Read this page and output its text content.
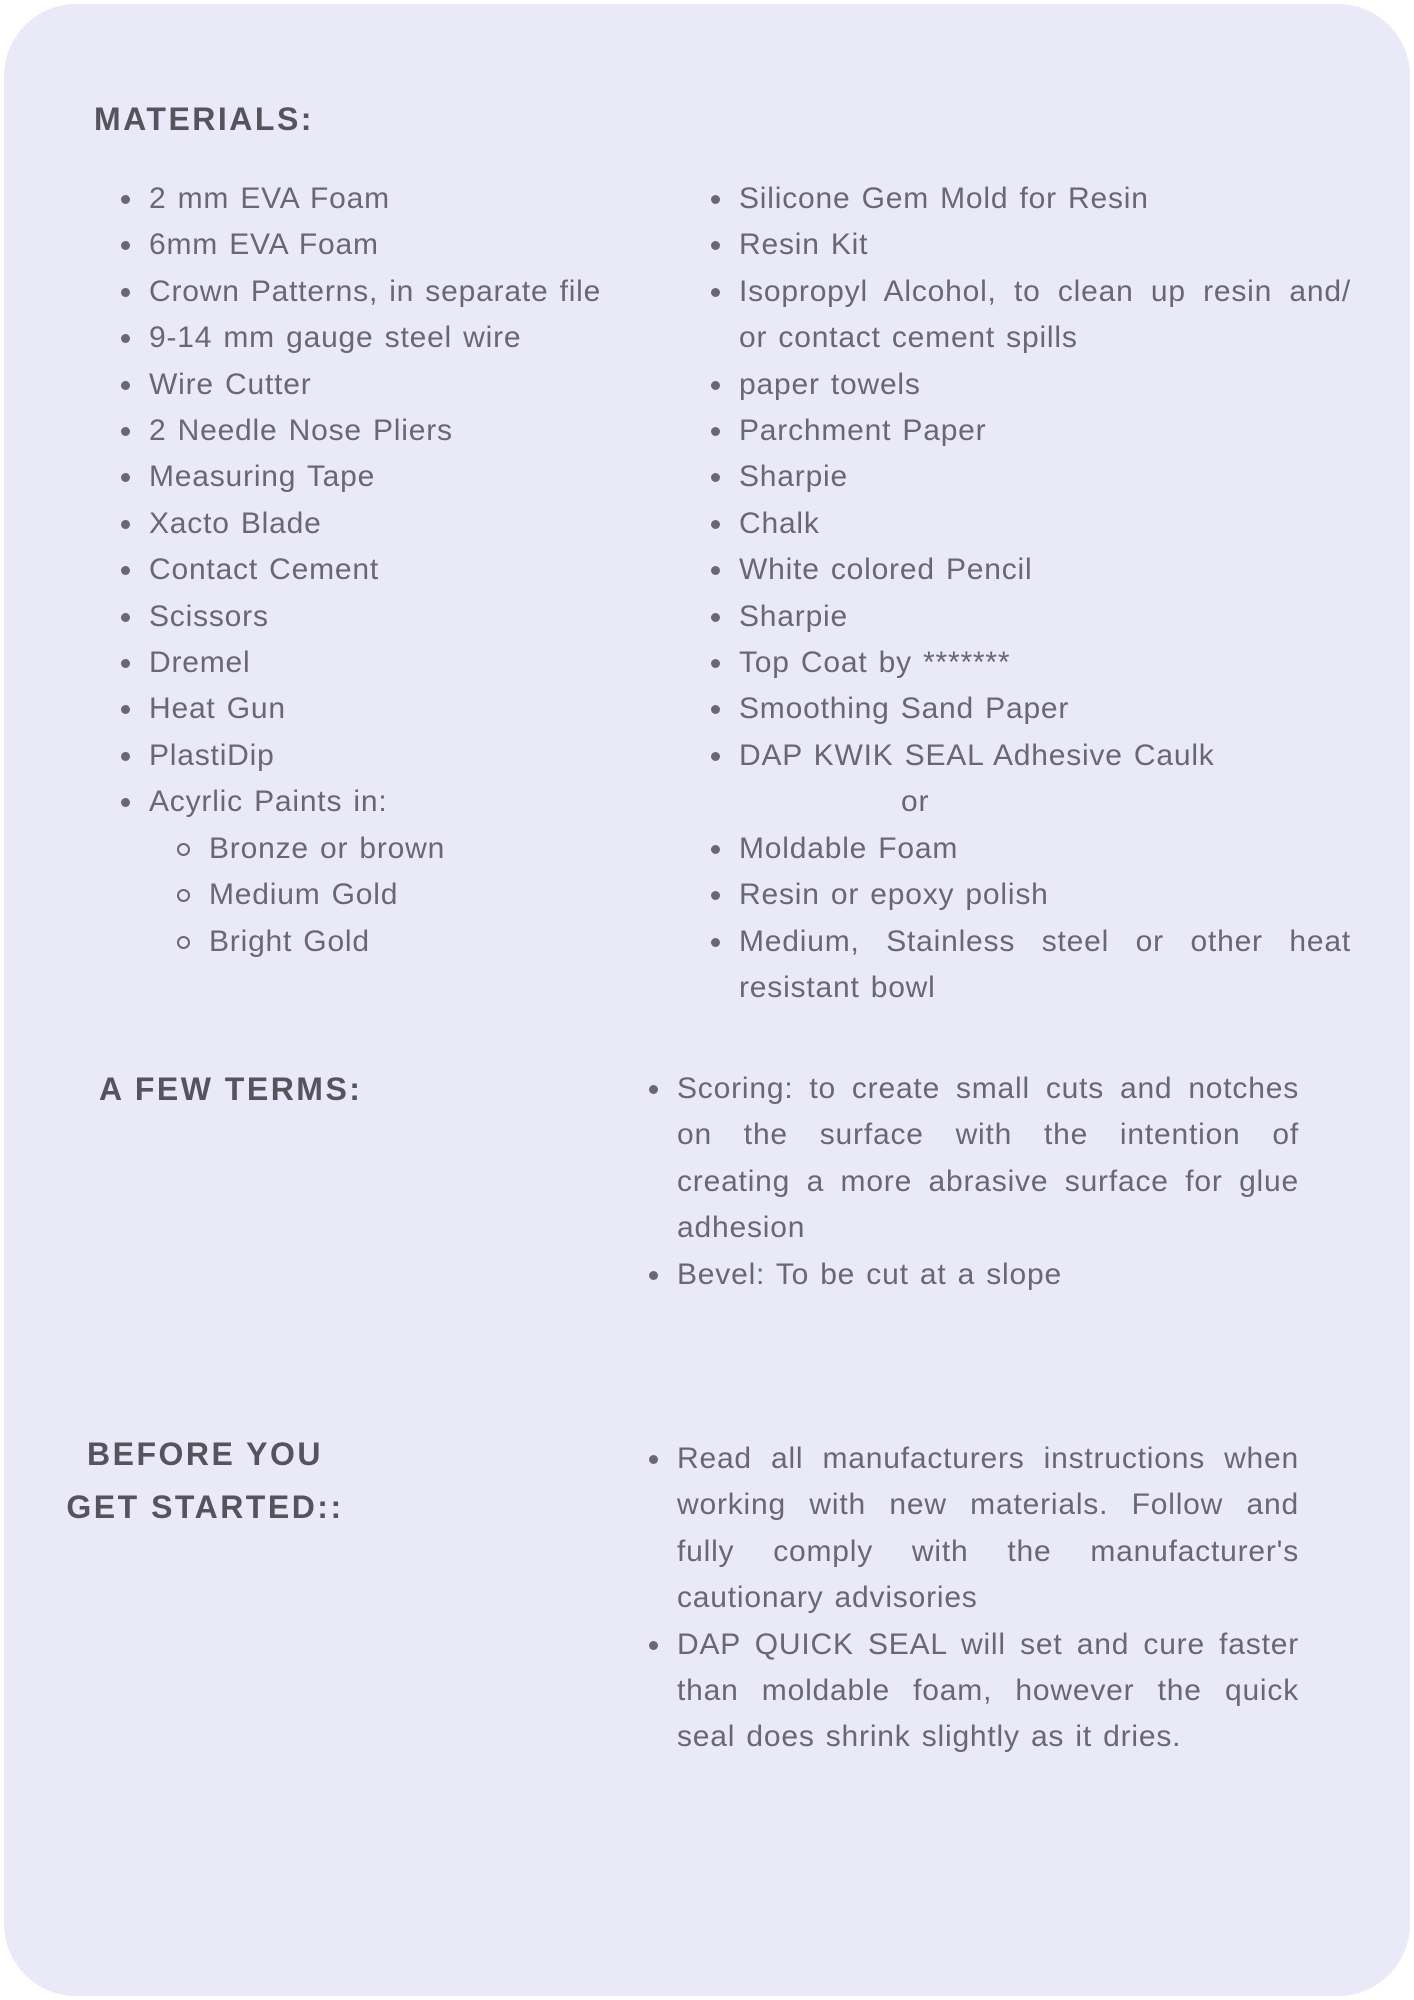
MATERIALS:
2 mm EVA Foam
6mm EVA Foam
Crown Patterns, in separate file
9-14 mm gauge steel wire
Wire Cutter
2 Needle Nose Pliers
Measuring Tape
Xacto Blade
Contact Cement
Scissors
Dremel
Heat Gun
PlastiDip
Acyrlic Paints in:
Bronze or brown
Medium Gold
Bright Gold
Silicone Gem Mold for Resin
Resin Kit
Isopropyl Alcohol, to clean up resin and/ or contact cement spills
paper towels
Parchment Paper
Sharpie
Chalk
White colored Pencil
Sharpie
Top Coat by *******
Smoothing Sand Paper
DAP KWIK SEAL Adhesive Caulk
or
Moldable Foam
Resin or epoxy polish
Medium, Stainless steel or other heat resistant bowl
A FEW TERMS:	Scoring: to create small cuts and notches on the surface with the intention of creating a more abrasive surface for glue adhesion
Bevel: To be cut at a slope
BEFORE YOU
GET STARTED::
Read all manufacturers instructions when working with new materials. Follow and fully comply with the manufacturer's cautionary advisories
DAP QUICK SEAL will set and cure faster than moldable foam, however the quick seal does shrink slightly as it dries.
